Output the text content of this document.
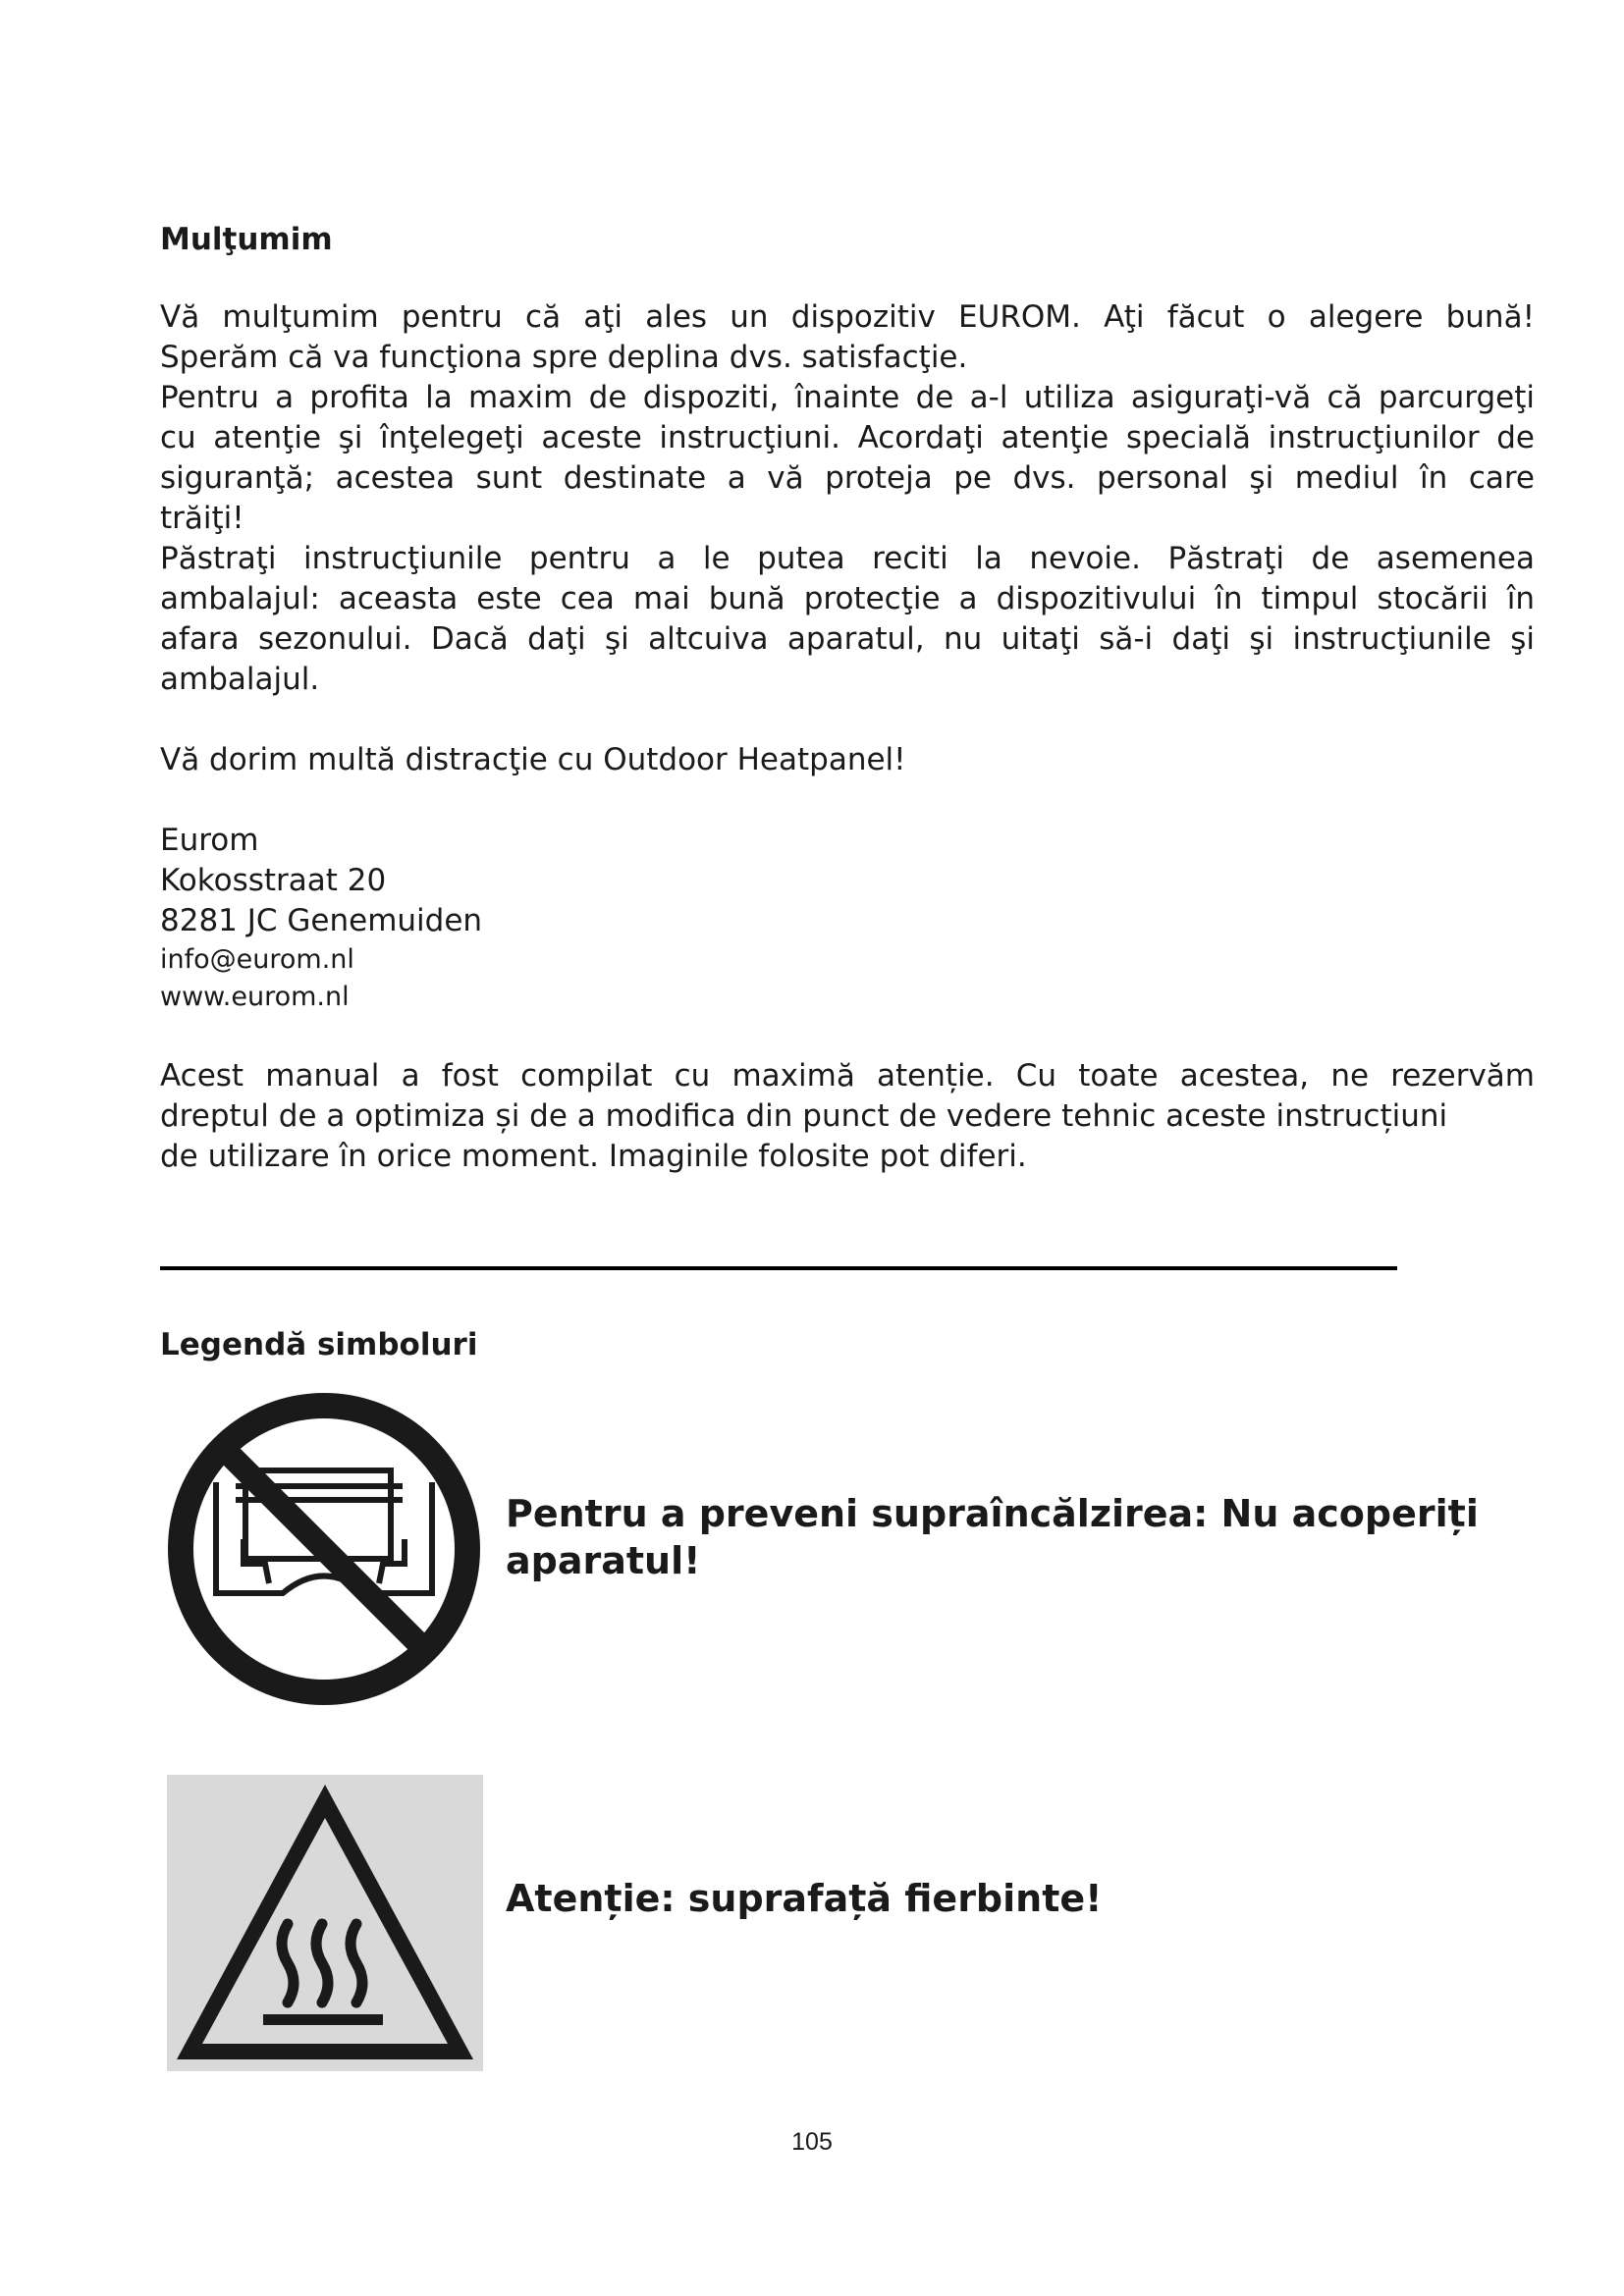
Mulţumim

Vă mulţumim pentru că aţi ales un dispozitiv EUROM. Aţi făcut o alegere bună!
Sperăm că va funcţiona spre deplina dvs. satisfacţie.
Pentru a profita la maxim de dispoziti, înainte de a-l utiliza asiguraţi-vă că parcurgeţi
cu atenţie şi înţelegeţi aceste instrucţiuni. Acordaţi atenţie specială instrucţiunilor de
siguranţă; acestea sunt destinate a vă proteja pe dvs. personal şi mediul în care
trăiţi!
Păstraţi instrucţiunile pentru a le putea reciti la nevoie. Păstraţi de asemenea
ambalajul: aceasta este cea mai bună protecţie a dispozitivului în timpul stocării în
afara sezonului. Dacă daţi şi altcuiva aparatul, nu uitaţi să-i daţi şi instrucţiunile şi
ambalajul.

Vă dorim multă distracţie cu Outdoor Heatpanel!

Eurom
Kokosstraat 20
8281 JC Genemuiden
info@eurom.nl
www.eurom.nl

Acest manual a fost compilat cu maximă atenție. Cu toate acestea, ne rezervăm
dreptul de a optimiza și de a modifica din punct de vedere tehnic aceste instrucțiuni
de utilizare în orice moment. Imaginile folosite pot diferi.

Legendă simboluri
Pentru a preveni supraîncălzirea: Nu acoperiți aparatul!
Atenție: suprafață fierbinte!
105
